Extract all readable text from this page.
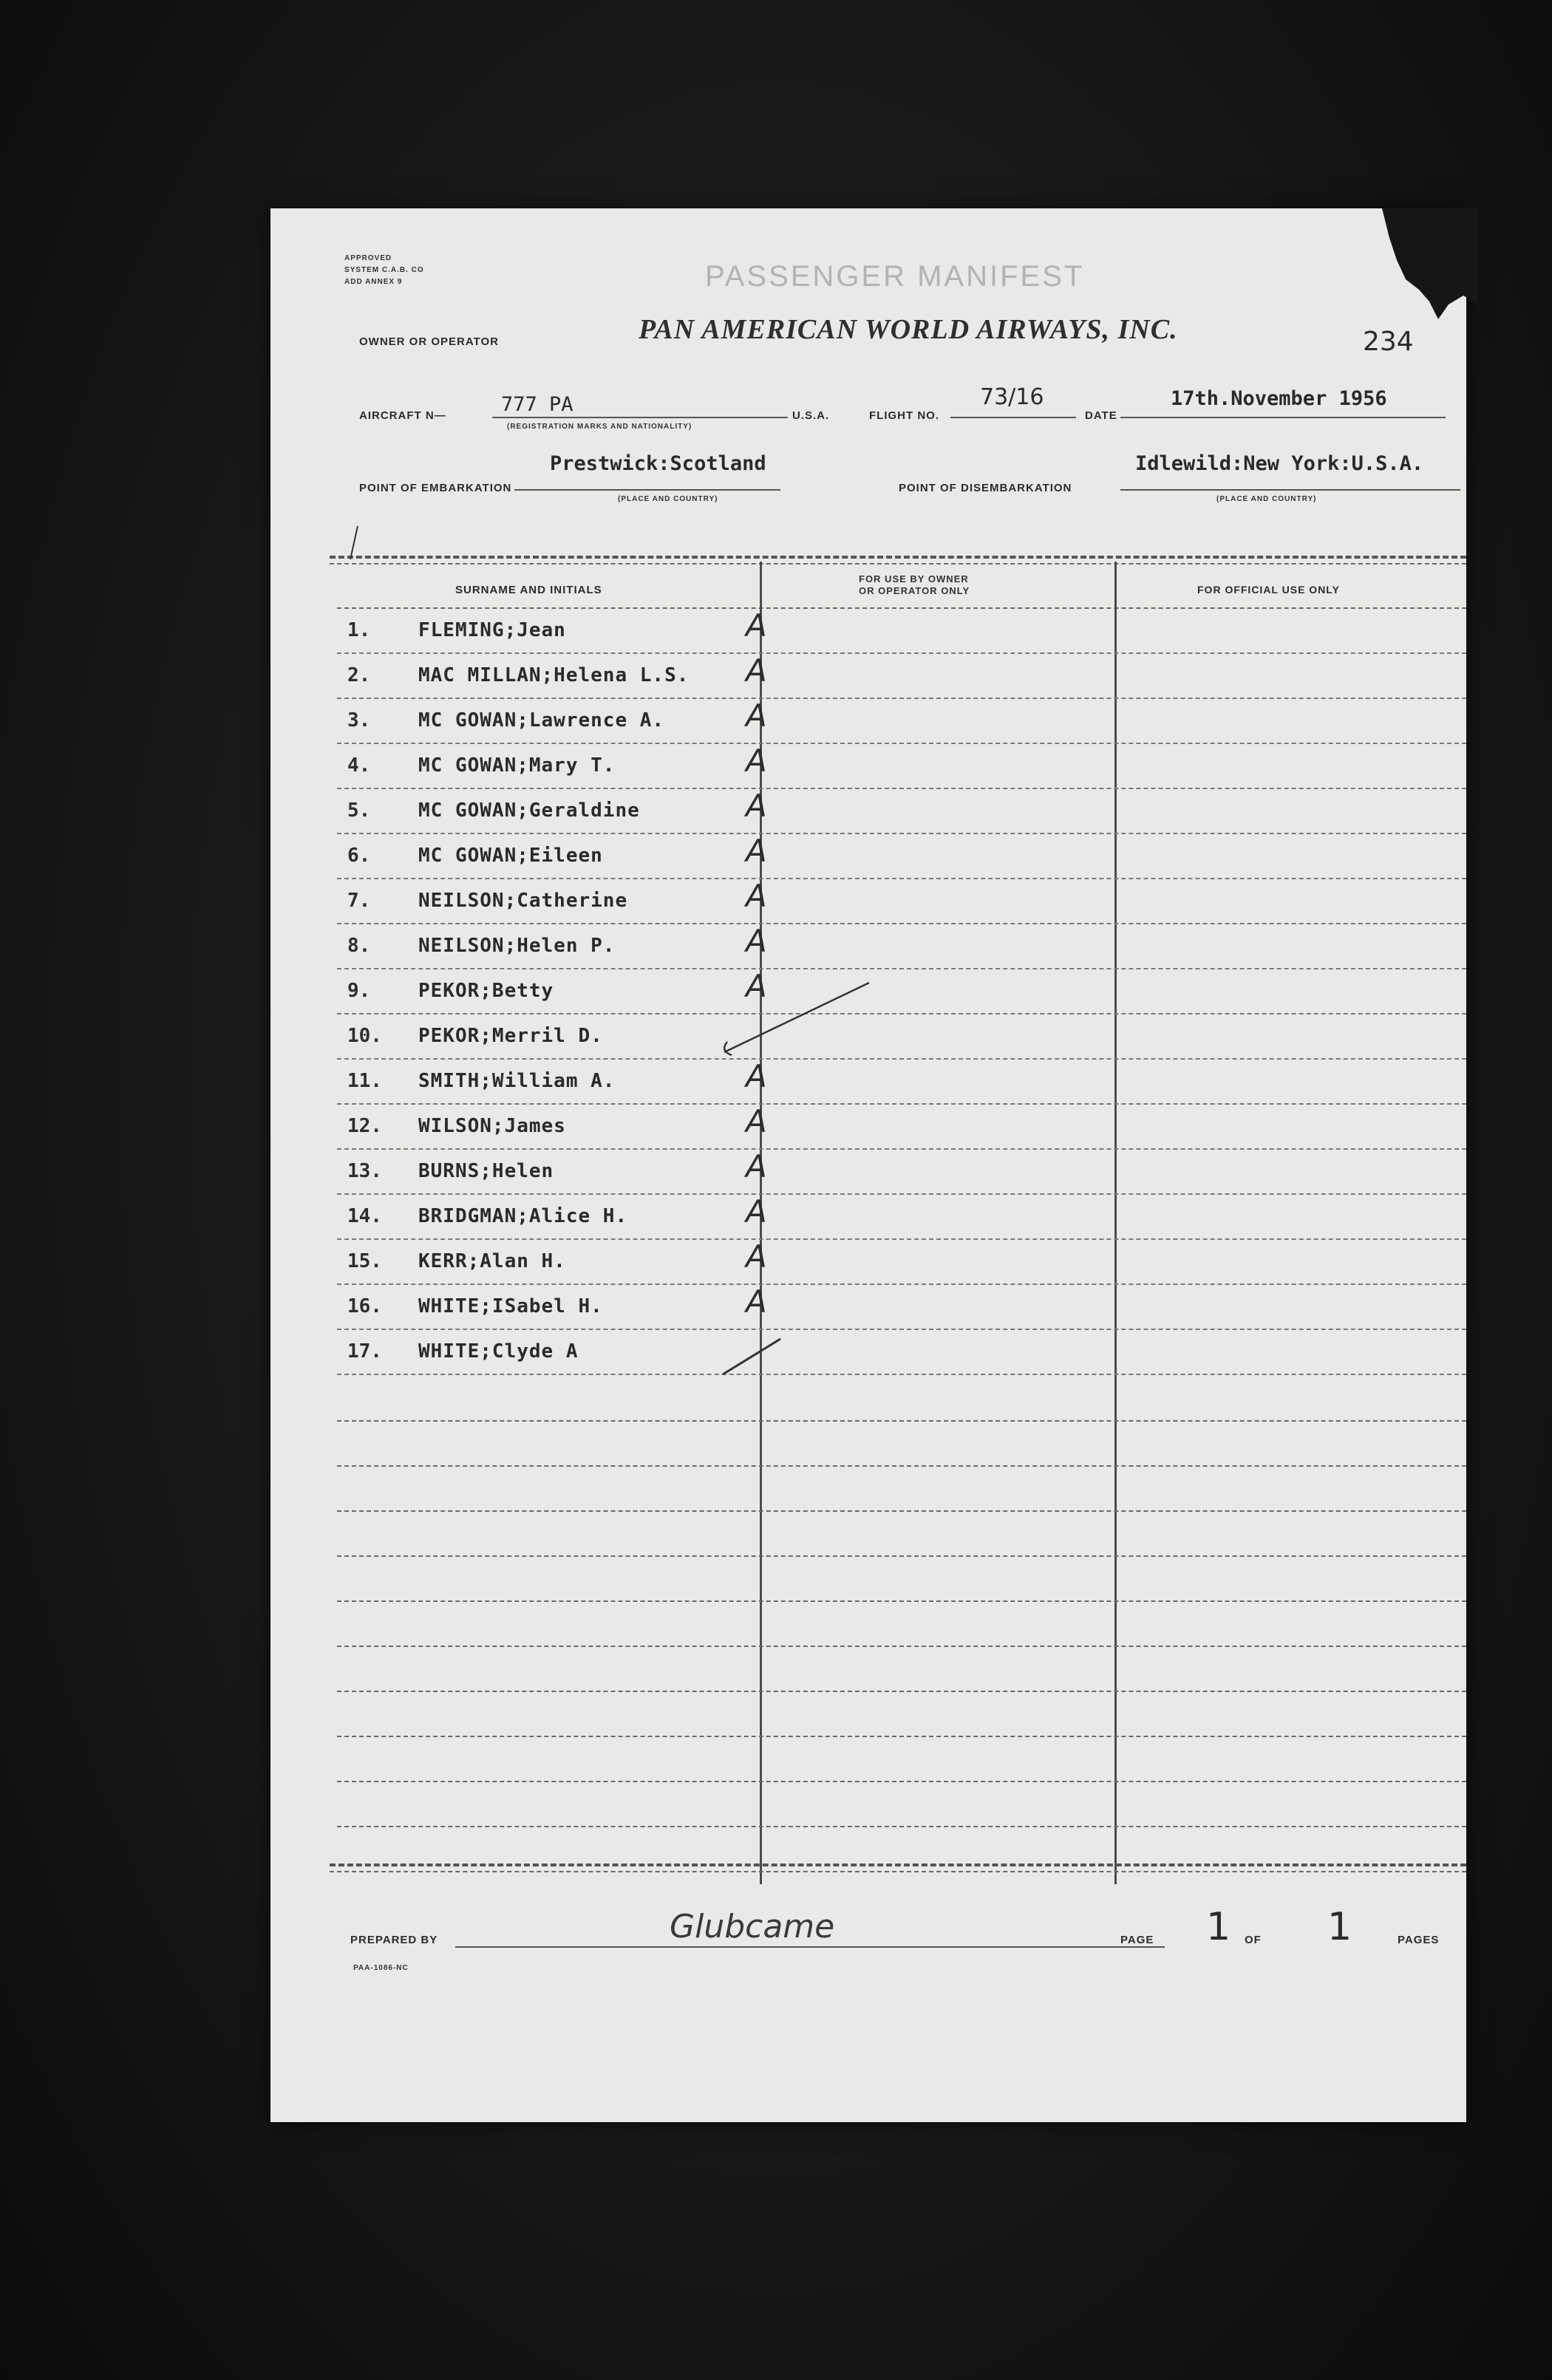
APPROVED
SYSTEM C.A.B. CO
ADD ANNEX 9	PASSENGER MANIFEST
234
OWNER OR OPERATOR	PAN AMERICAN WORLD AIRWAYS, INC.
AIRCRAFT N—	777 PA
(REGISTRATION MARKS AND NATIONALITY)
U.S.A.	FLIGHT NO.
73/16
DATE
17th.November 1956
POINT OF EMBARKATION
Prestwick:Scotland
(PLACE AND COUNTRY)
POINT OF DISEMBARKATION
Idlewild:New York:U.S.A.
(PLACE AND COUNTRY)
SURNAME AND INITIALS
FOR USE BY OWNER
OR OPERATOR ONLY	FOR OFFICIAL USE ONLY
1. FLEMING;Jean	A
2. MAC MILLAN;Helena L.S. A
3. MC GOWAN;Lawrence A.	A
4. MC GOWAN;Mary T.	A
5. MC GOWAN;Geraldine	A
6. MC GOWAN;Eileen	A
7. NEILSON;Catherine	A
8. NEILSON;Helen P.	A
9. PEKOR;Betty	A
10. PEKOR;Merril D.
11. SMITH;William A.	A
12. WILSON;James	A
13. BURNS;Helen	A
14. BRIDGMAN;Alice H.	A
15. KERR;Alan H.	A
16. WHITE;ISabel H.	A
17. WHITE;Clyde A
PREPARED BY	Glubcame	PAGE 1 OF 1	PAGES
PAA-1086-NC
